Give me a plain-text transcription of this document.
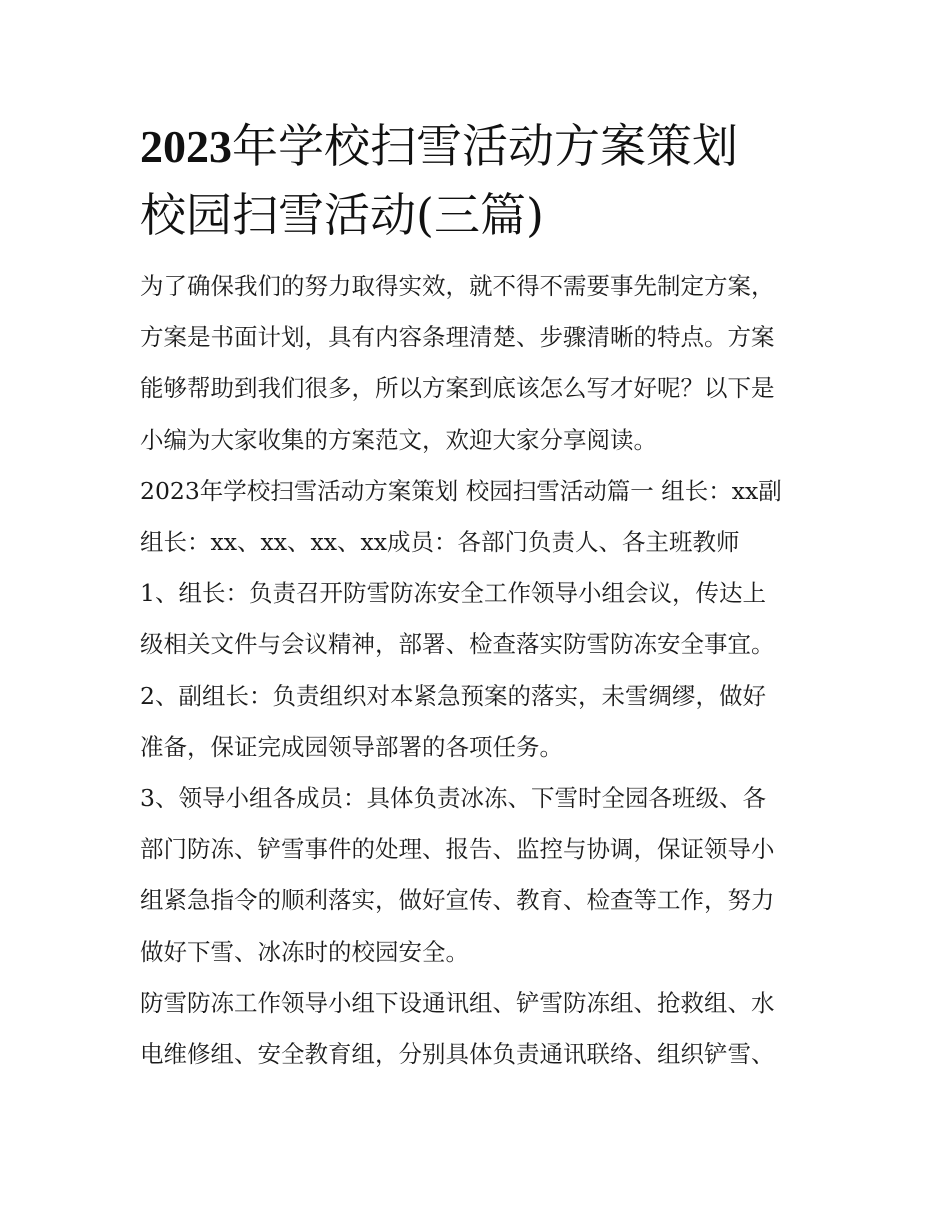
2023年学校扫雪活动方案策划
校园扫雪活动(三篇)

为了确保我们的努力取得实效，就不得不需要事先制定方案，
方案是书面计划，具有内容条理清楚、步骤清晰的特点。方案
能够帮助到我们很多，所以方案到底该怎么写才好呢？以下是
小编为大家收集的方案范文，欢迎大家分享阅读。

2023年学校扫雪活动方案策划 校园扫雪活动篇一 组长：xx副
组长：xx、xx、xx、xx成员：各部门负责人、各主班教师

1、组长：负责召开防雪防冻安全工作领导小组会议，传达上
级相关文件与会议精神，部署、检查落实防雪防冻安全事宜。

2、副组长：负责组织对本紧急预案的落实，未雪绸缪，做好
准备，保证完成园领导部署的各项任务。

3、领导小组各成员：具体负责冰冻、下雪时全园各班级、各
部门防冻、铲雪事件的处理、报告、监控与协调，保证领导小
组紧急指令的顺利落实，做好宣传、教育、检查等工作，努力
做好下雪、冰冻时的校园安全。

防雪防冻工作领导小组下设通讯组、铲雪防冻组、抢救组、水
电维修组、安全教育组，分别具体负责通讯联络、组织铲雪、
